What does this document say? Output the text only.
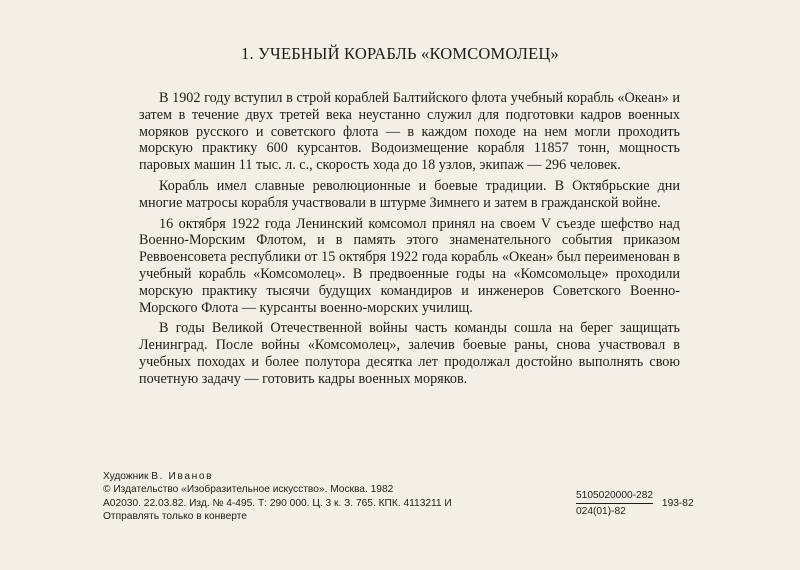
1. УЧЕБНЫЙ КОРАБЛЬ «КОМСОМОЛЕЦ»

В 1902 году вступил в строй кораблей Балтийского флота учебный корабль «Океан» и затем в течение двух третей века неустанно служил для подготовки кадров военных моряков русского и советского флота — в каждом походе на нем могли проходить морскую практику 600 курсантов. Водоизмещение корабля 11857 тонн, мощность паровых машин 11 тыс. л. с., скорость хода до 18 узлов, экипаж — 296 человек.

Корабль имел славные революционные и боевые традиции. В Октябрьские дни многие матросы корабля участвовали в штурме Зимнего и затем в гражданской войне.

16 октября 1922 года Ленинский комсомол принял на своем V съезде шефство над Военно-Морским Флотом, и в память этого знаменательного события приказом Реввоенсовета республики от 15 октября 1922 года корабль «Океан» был переименован в учебный корабль «Комсомолец». В предвоенные годы на «Комсомольце» проходили морскую практику тысячи будущих командиров и инженеров Советского Военно-Морского Флота — курсанты военно-морских училищ.

В годы Великой Отечественной войны часть команды сошла на берег защищать Ленинград. После войны «Комсомолец», залечив боевые раны, снова участвовал в учебных походах и более полутора десятка лет продолжал достойно выполнять свою почетную задачу — готовить кадры военных моряков.

Художник В. Иванов
© Издательство «Изобразительное искусство». Москва. 1982
А02030. 22.03.82. Изд. № 4-495. Т: 290 000. Ц. 3 к. З. 765. КПК. 4113211 И
Отправлять только в конверте	$\frac{5105020000-282}{024(01)-82} 193-82$
